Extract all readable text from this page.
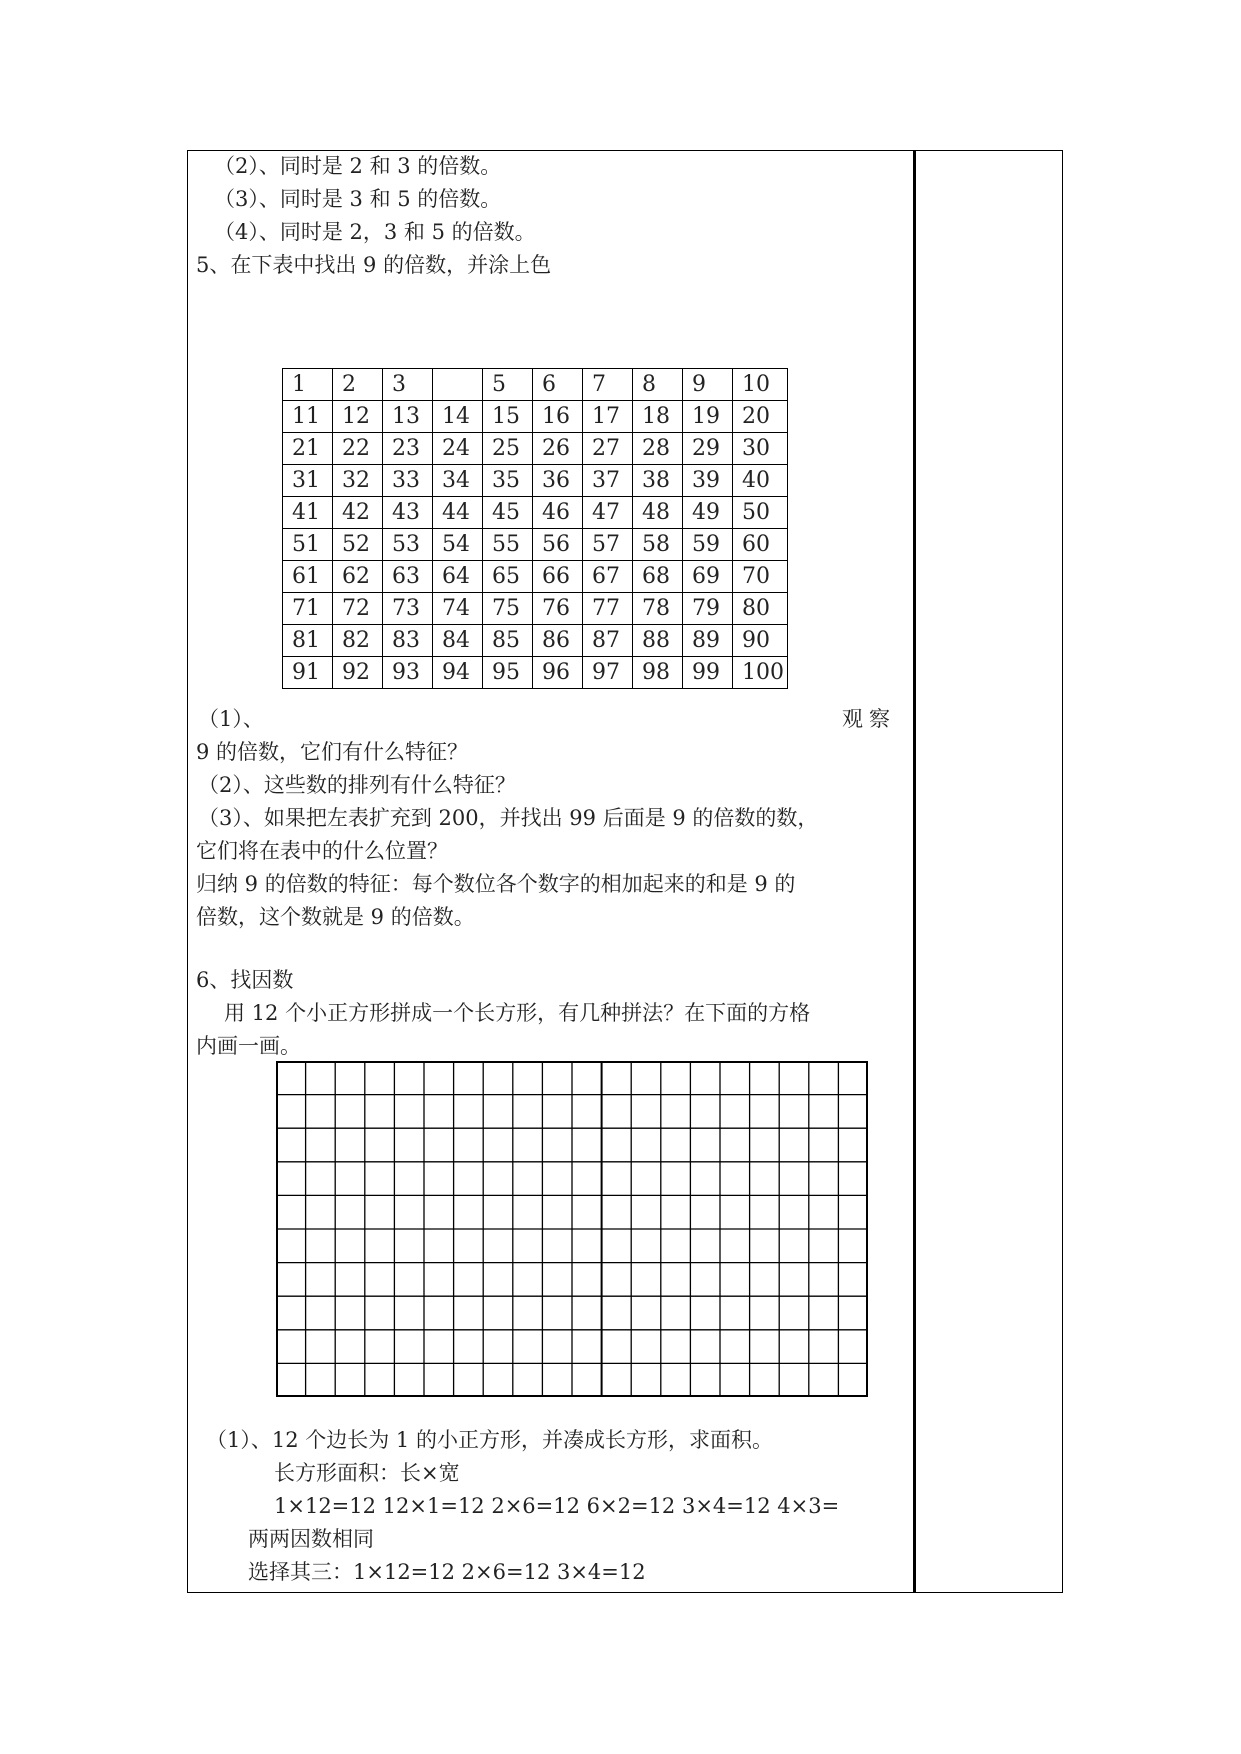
（2）、同时是 2 和 3 的倍数。
（3）、同时是 3 和 5 的倍数。
（4）、同时是 2，3 和 5 的倍数。
5、在下表中找出 9 的倍数，并涂上色
1	2	3		5	6	7	8	9	10
11	12	13	14	15	16	17	18	19	20
21	22	23	24	25	26	27	28	29	30
31	32	33	34	35	36	37	38	39	40
41	42	43	44	45	46	47	48	49	50
51	52	53	54	55	56	57	58	59	60
61	62	63	64	65	66	67	68	69	70
71	72	73	74	75	76	77	78	79	80
81	82	83	84	85	86	87	88	89	90
91	92	93	94	95	96	97	98	99	100
（1）、	观察
9 的倍数，它们有什么特征？
（2）、这些数的排列有什么特征？
（3）、如果把左表扩充到 200，并找出 99 后面是 9 的倍数的数，
它们将在表中的什么位置？
归纳 9 的倍数的特征：每个数位各个数字的相加起来的和是 9 的
倍数，这个数就是 9 的倍数。
6、找因数
用 12 个小正方形拼成一个长方形，有几种拼法？在下面的方格
内画一画。
（1）、12 个边长为 1 的小正方形，并凑成长方形，求面积。
长方形面积：长×宽
1×12=12 12×1=12 2×6=12 6×2=12 3×4=12 4×3=
两两因数相同
选择其三：1×12=12 2×6=12 3×4=12
